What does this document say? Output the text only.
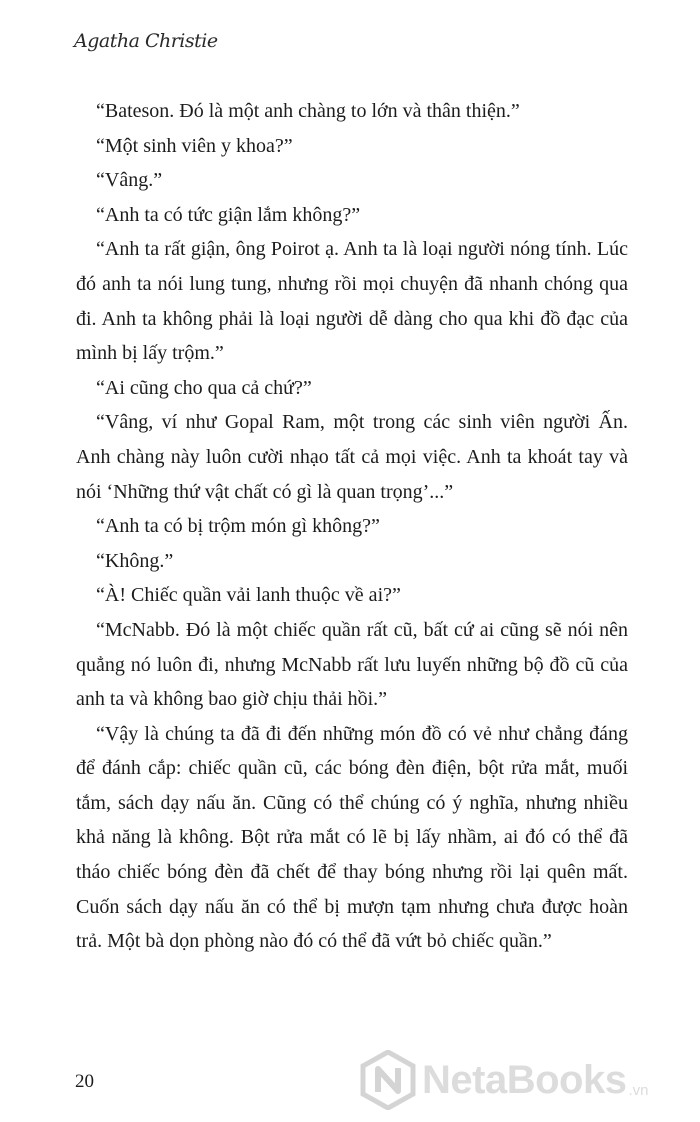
Agatha Christie

“Bateson. Đó là một anh chàng to lớn và thân thiện.”

“Một sinh viên y khoa?”

“Vâng.”

“Anh ta có tức giận lắm không?”

“Anh ta rất giận, ông Poirot ạ. Anh ta là loại người nóng tính. Lúc đó anh ta nói lung tung, nhưng rồi mọi chuyện đã nhanh chóng qua đi. Anh ta không phải là loại người dễ dàng cho qua khi đồ đạc của mình bị lấy trộm.”

“Ai cũng cho qua cả chứ?”

“Vâng, ví như Gopal Ram, một trong các sinh viên người Ấn. Anh chàng này luôn cười nhạo tất cả mọi việc. Anh ta khoát tay và nói ‘Những thứ vật chất có gì là quan trọng’...”

“Anh ta có bị trộm món gì không?”

“Không.”

“À! Chiếc quần vải lanh thuộc về ai?”

“McNabb. Đó là một chiếc quần rất cũ, bất cứ ai cũng sẽ nói nên quẳng nó luôn đi, nhưng McNabb rất lưu luyến những bộ đồ cũ của anh ta và không bao giờ chịu thải hồi.”

“Vậy là chúng ta đã đi đến những món đồ có vẻ như chẳng đáng để đánh cắp: chiếc quần cũ, các bóng đèn điện, bột rửa mắt, muối tắm, sách dạy nấu ăn. Cũng có thể chúng có ý nghĩa, nhưng nhiều khả năng là không. Bột rửa mắt có lẽ bị lấy nhầm, ai đó có thể đã tháo chiếc bóng đèn đã chết để thay bóng nhưng rồi lại quên mất. Cuốn sách dạy nấu ăn có thể bị mượn tạm nhưng chưa được hoàn trả. Một bà dọn phòng nào đó có thể đã vứt bỏ chiếc quần.”

20	NetaBooks .vn
